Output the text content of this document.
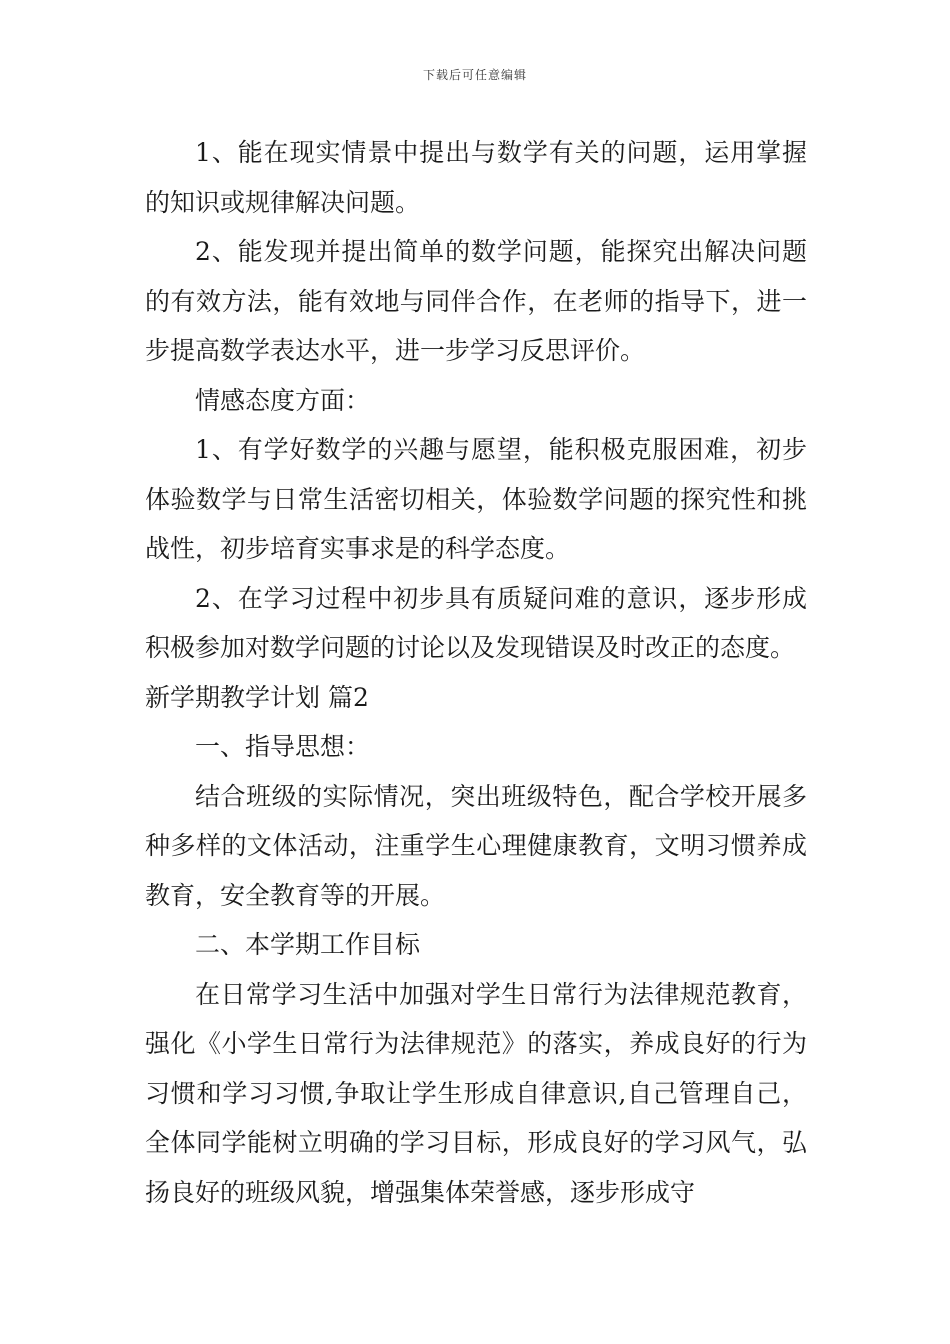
下载后可任意编辑

1、能在现实情景中提出与数学有关的问题，运用掌握的知识或规律解决问题。

2、能发现并提出简单的数学问题，能探究出解决问题的有效方法，能有效地与同伴合作，在老师的指导下，进一步提高数学表达水平，进一步学习反思评价。

情感态度方面：

1、有学好数学的兴趣与愿望，能积极克服困难，初步体验数学与日常生活密切相关，体验数学问题的探究性和挑战性，初步培育实事求是的科学态度。

2、在学习过程中初步具有质疑问难的意识，逐步形成积极参加对数学问题的讨论以及发现错误及时改正的态度。

新学期教学计划 篇2

一、指导思想：

结合班级的实际情况，突出班级特色，配合学校开展多种多样的文体活动，注重学生心理健康教育，文明习惯养成教育，安全教育等的开展。

二、本学期工作目标

在日常学习生活中加强对学生日常行为法律规范教育，强化《小学生日常行为法律规范》的落实，养成良好的行为习惯和学习习惯,争取让学生形成自律意识,自己管理自己，全体同学能树立明确的学习目标，形成良好的学习风气，弘扬良好的班级风貌，增强集体荣誉感，逐步形成守
